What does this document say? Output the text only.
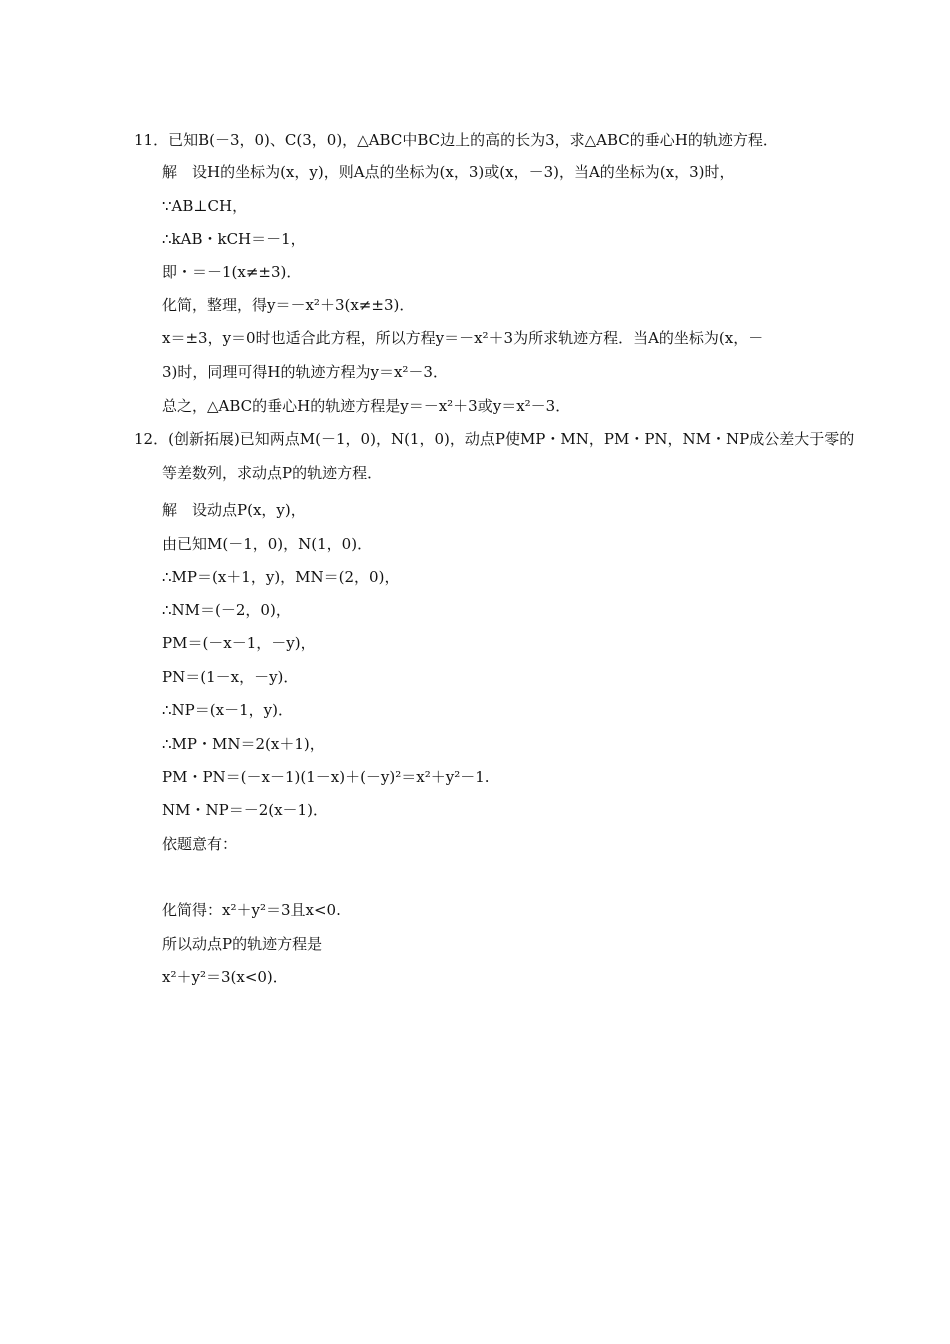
11．已知B(－3，0)、C(3，0)，△ABC中BC边上的高的长为3，求△ABC的垂心H的轨迹方程．
解　设H的坐标为(x，y)，则A点的坐标为(x，3)或(x，－3)，当A的坐标为(x，3)时，
∵AB⊥CH，
∴kAB・kCH＝－1，
即・＝－1(x≠±3)．
化简，整理，得y＝－x²＋3(x≠±3)．
x＝±3，y＝0时也适合此方程，所以方程y＝－x²＋3为所求轨迹方程．当A的坐标为(x，－
3)时，同理可得H的轨迹方程为y＝x²－3．
总之，△ABC的垂心H的轨迹方程是y＝－x²＋3或y＝x²－3．
12．(创新拓展)已知两点M(－1，0)，N(1，0)，动点P使MP・MN，PM・PN，NM・NP成公差大于零的
等差数列，求动点P的轨迹方程．
解　设动点P(x，y)，
由已知M(－1，0)，N(1，0)．
∴MP＝(x＋1，y)，MN＝(2，0)，
∴NM＝(－2，0)，
PM＝(－x－1，－y)，
PN＝(1－x，－y)．
∴NP＝(x－1，y)．
∴MP・MN＝2(x＋1)，
PM・PN＝(－x－1)(1－x)＋(－y)²＝x²＋y²－1.
NM・NP＝－2(x－1)．
依题意有：
化简得：x²＋y²＝3且x<0.
所以动点P的轨迹方程是
x²＋y²＝3(x<0)．
